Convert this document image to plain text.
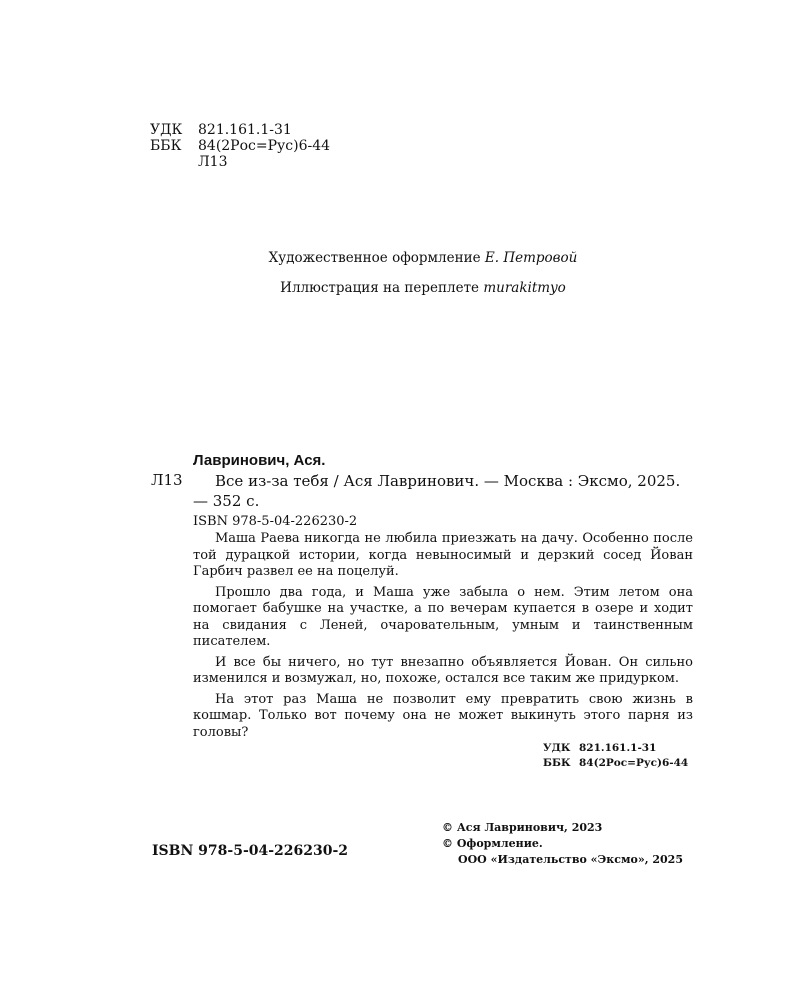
УДК	821.161.1-31
ББК	84(2Рос=Рус)6-44
Л13
Художественное оформление Е. Петровой
Иллюстрация на переплете murakitmyo
Лавринович, Ася.
Л13	Все из-за тебя / Ася Лавринович. — Москва : Эксмо, 2025. — 352 с.
ISBN 978-5-04-226230-2

Маша Раева никогда не любила приезжать на дачу. Особенно после той дурацкой истории, когда невыносимый и дерзкий сосед Йован Гарбич развел ее на поцелуй.

Прошло два года, и Маша уже забыла о нем. Этим летом она помогает бабушке на участке, а по вечерам купается в озере и ходит на свидания с Леней, очаровательным, умным и таинственным писателем.

И все бы ничего, но тут внезапно объявляется Йован. Он сильно изменился и возмужал, но, похоже, остался все таким же придурком.

На этот раз Маша не позволит ему превратить свою жизнь в кошмар. Только вот почему она не может выкинуть этого парня из головы?

УДК 821.161.1-31
ББК 84(2Рос=Рус)6-44
ISBN 978-5-04-226230-2
© Ася Лавринович, 2023
© Оформление.
ООО «Издательство «Эксмо», 2025
